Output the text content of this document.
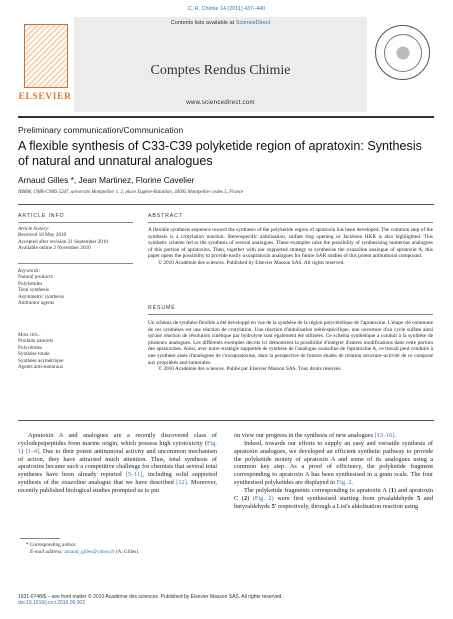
C. R. Chimie 14 (2011) 437–440
ELSEVIER
Contents lists available at ScienceDirect
Comptes Rendus Chimie
www.sciencedirect.com
Preliminary communication/Communication
A flexible synthesis of C33-C39 polyketide region of apratoxin: Synthesis of natural and unnatural analogues
Arnaud Gilles *, Jean Martinez, Florine Cavelier
IBMM, UMR-CNRS 5247, université Montpellier 1, 2, place Eugène-Bataillon, 34095 Montpellier cedex 5, France
ARTICLE INFO
Article history:
Received 18 May 2010
Accepted after revision 21 September 2010
Available online 2 November 2010
Keywords:
Natural products
Polyketides
Total synthesis
Asymmetric synthesis
Antitumor agents
Mots clés :
Produits naturels
Polycétides
Synthèse totale
Synthèse asymétrique
Agents anti-tumoraux
ABSTRACT
A flexible synthesis sequence toward the synthesis of the polyketide region of apratoxin has been developed. The common step of the synthesis is a crotylation reaction. Stereospecific aldolisation, sulfate ring opening or Jacobsen HKR is also highlighted. This synthetic scheme led to the synthesis of several analogues. These examples raise the possibility of synthesising numerous analogues of this portion of apratoxins. Then, together with our supported strategy to synthesise the oxazoline analogue of apratoxin A, this paper opens the possibility to provide easily oxoapratoxin analogues for future SAR studies of this potent antitumoral compound.
© 2010 Académie des sciences. Published by Elsevier Masson SAS. All rights reserved.
RÉSUMÉ
Un schéma de synthèse flexible a été développé en vue de la synthèse de la région polycétidique de l'apratoxine. L'étape clé commune de ces synthèses est une réaction de crotylation. Une réaction d'aldolisation stéréospécifique, une ouverture d'un cycle sulfate ainsi qu'une réaction de résolution cinétique par hydrolyse sont également été utilisées. Ce schéma synthétique a conduit à la synthèse de plusieurs analogues. Les différents exemples décrits ici démontrent la possibilité d'intégrer d'autres modifications dans cette portion des apratoxines. Ainsi, avec notre stratégie supportée de synthèse de l'analogue oxazoline de l'apratoxine A, ce travail peut conduire à une synthèse aisée d'analogues de l'oxoapratoxine, dans la perspective de futures études de relation structure–activité de ce composé aux propriétés anti-tumorales.
© 2010 Académie des sciences. Publié par Elsevier Masson SAS. Tous droits réservés.

Apratoxin A and analogues are a recently discovered class of cyclodepsipeptides from marine origin, which possess high cytotoxicity (Fig. 1) [1–4]. Due to their potent antitumoral activity and uncommon mechanism of action, they have attracted much attention. Thus, total synthesis of apratoxins became such a competitive challenge for chemists that several total syntheses have been already reported [5–11], including solid supported synthesis of the oxazoline analogue that we have described [12]. Moreover, recently published biological studies prompted us to put

on view our progress in the synthesis of new analogues [13–16].

Indeed, towards our efforts to supply an easy and versatile synthesis of apratoxin analogues, we developed an efficient synthetic pathway to provide the polyketide moiety of apratoxin A and some of its analogues using a common key step. As a proof of efficiency, the polyketide fragment corresponding to apratoxin A has been synthesised in a gram scale. The four synthesised polyketides are displayed in Fig. 2.

The polyketide fragments corresponding to apratoxin A (1) and apratoxin C (2) (Fig. 2) were first synthesised starting from pivalaldehyde 5 and butyraldehyde 5' respectively, through a List's aldolisation reaction using

* Corresponding author.
E-mail address: arnaud_gilles@yahoo.fr (A. Gilles).
1631-0748/$ – see front matter © 2010 Académie des sciences. Published by Elsevier Masson SAS. All rights reserved.
doi:10.1016/j.crci.2010.09.002
